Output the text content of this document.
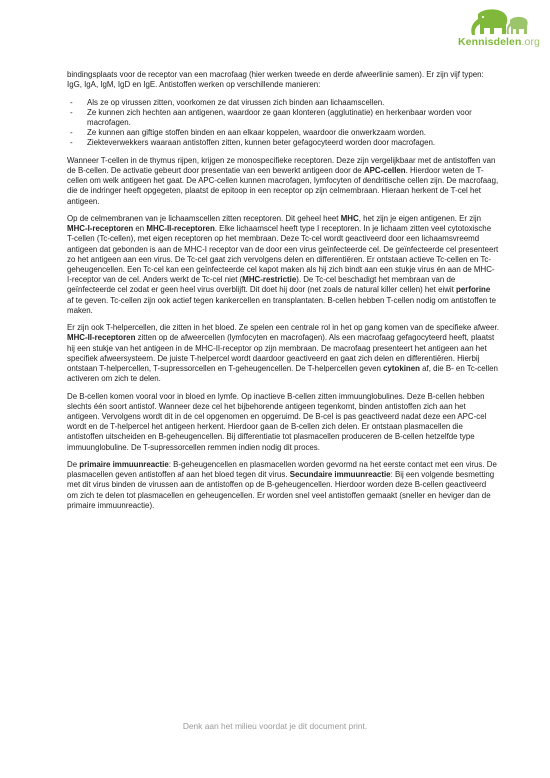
Kennisdelen.org

bindingsplaats voor de receptor van een macrofaag (hier werken tweede en derde afweerlinie samen). Er zijn vijf typen: IgG, IgA, IgM, IgD en IgE. Antistoffen werken op verschillende manieren:

- Als ze op virussen zitten, voorkomen ze dat virussen zich binden aan lichaamscellen.
- Ze kunnen zich hechten aan antigenen, waardoor ze gaan klonteren (agglutinatie) en herkenbaar worden voor macrofagen.
- Ze kunnen aan giftige stoffen binden en aan elkaar koppelen, waardoor die onwerkzaam worden.
- Ziekteverwekkers waaraan antistoffen zitten, kunnen beter gefagocyteerd worden door macrofagen.

Wanneer T-cellen in de thymus rijpen, krijgen ze monospecifieke receptoren. Deze zijn vergelijkbaar met de antistoffen van de B-cellen. De activatie gebeurt door presentatie van een bewerkt antigeen door de APC-cellen. Hierdoor weten de T-cellen om welk antigeen het gaat. De APC-cellen kunnen macrofagen, lymfocyten of dendritische cellen zijn. De macrofaag, die de indringer heeft opgegeten, plaatst de epitoop in een receptor op zijn celmembraan. Hieraan herkent de T-cel het antigeen.

Op de celmembranen van je lichaamscellen zitten receptoren. Dit geheel heet MHC, het zijn je eigen antigenen. Er zijn MHC-I-receptoren en MHC-II-receptoren. Elke lichaamscel heeft type I receptoren. In je lichaam zitten veel cytotoxische T-cellen (Tc-cellen), met eigen receptoren op het membraan. Deze Tc-cel wordt geactiveerd door een lichaamsvreemd antigeen dat gebonden is aan de MHC-I receptor van de door een virus geïnfecteerde cel. De geïnfecteerde cel presenteert zo het antigeen aan een virus. De Tc-cel gaat zich vervolgens delen en differentiëren. Er ontstaan actieve Tc-cellen en Tc-geheugencellen. Een Tc-cel kan een geïnfecteerde cel kapot maken als hij zich bindt aan een stukje virus én aan de MHC-I-receptor van de cel. Anders werkt de Tc-cel niet (MHC-restrictie). De Tc-cel beschadigt het membraan van de geïnfecteerde cel zodat er geen heel virus overblijft. Dit doet hij door (net zoals de natural killer cellen) het eiwit perforine af te geven. Tc-cellen zijn ook actief tegen kankercellen en transplantaten. B-cellen hebben T-cellen nodig om antistoffen te maken.

Er zijn ook T-helpercellen, die zitten in het bloed. Ze spelen een centrale rol in het op gang komen van de specifieke afweer. MHC-II-receptoren zitten op de afweercellen (lymfocyten en macrofagen). Als een macrofaag gefagocyteerd heeft, plaatst hij een stukje van het antigeen in de MHC-II-receptor op zijn membraan. De macrofaag presenteert het antigeen aan het specifiek afweersysteem. De juiste T-helpercel wordt daardoor geactiveerd en gaat zich delen en differentiëren. Hierbij ontstaan T-helpercellen, T-supressorcellen en T-geheugencellen. De T-helpercellen geven cytokinen af, die B- en Tc-cellen activeren om zich te delen.

De B-cellen komen vooral voor in bloed en lymfe. Op inactieve B-cellen zitten immuunglobulines. Deze B-cellen hebben slechts één soort antistof. Wanneer deze cel het bijbehorende antigeen tegenkomt, binden antistoffen zich aan het antigeen. Vervolgens wordt dit in de cel opgenomen en opgeruimd. De B-cel is pas geactiveerd nadat deze een APC-cel wordt en de T-helpercel het antigeen herkent. Hierdoor gaan de B-cellen zich delen. Er ontstaan plasmacellen die antistoffen uitscheiden en B-geheugencellen. Bij differentiatie tot plasmacellen produceren de B-cellen hetzelfde type immuunglobuline. De T-supressorcellen remmen indien nodig dit proces.

De primaire immuunreactie: B-geheugencellen en plasmacellen worden gevormd na het eerste contact met een virus. De plasmacellen geven antistoffen af aan het bloed tegen dit virus. Secundaire immuunreactie: Bij een volgende besmetting met dit virus binden de virussen aan de antistoffen op de B-geheugencellen. Hierdoor worden deze B-cellen geactiveerd om zich te delen tot plasmacellen en geheugencellen. Er worden snel veel antistoffen gemaakt (sneller en heviger dan de primaire immuunreactie).

Denk aan het milieu voordat je dit document print.
